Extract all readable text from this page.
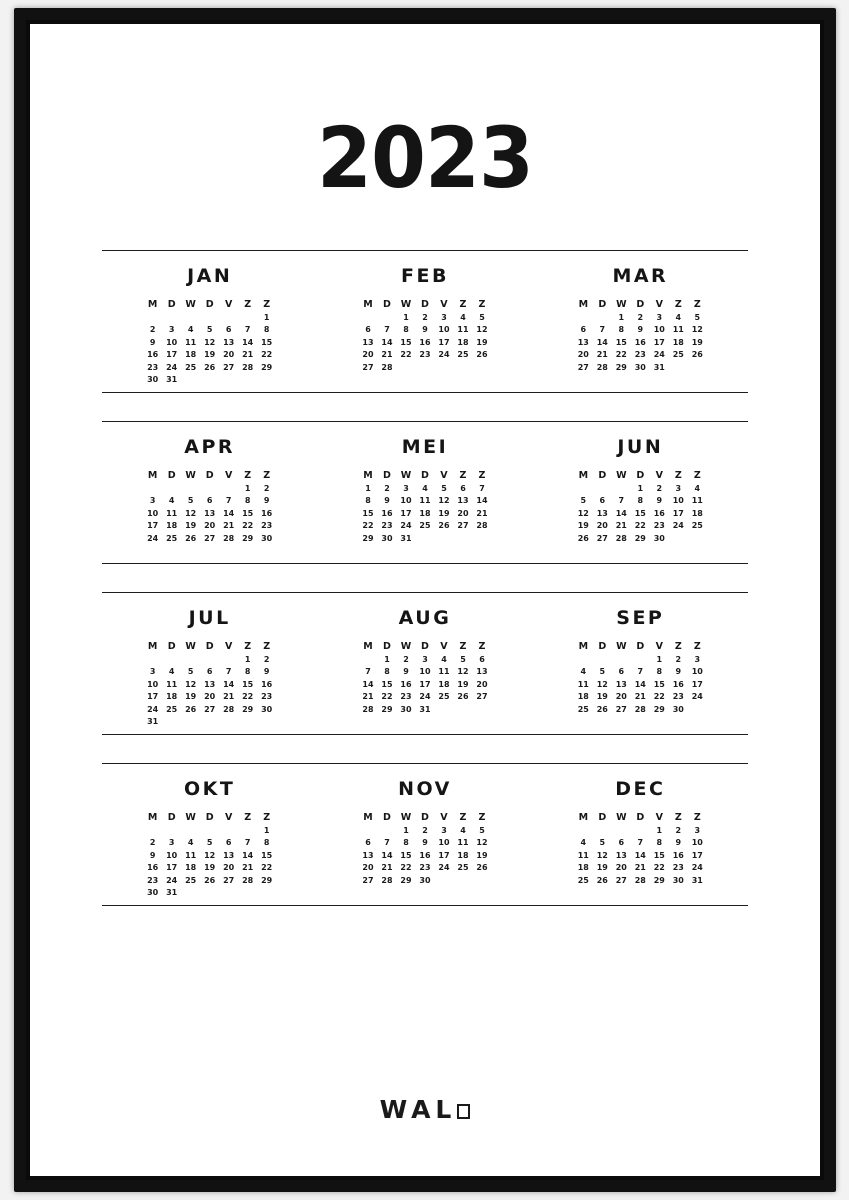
2023
JAN
M	D	W	D	V	Z	Z
						1
2	3	4	5	6	7	8
9	10	11	12	13	14	15
16	17	18	19	20	21	22
23	24	25	26	27	28	29
30	31					
FEB
M	D	W	D	V	Z	Z
		1	2	3	4	5
6	7	8	9	10	11	12
13	14	15	16	17	18	19
20	21	22	23	24	25	26
27	28					

MAR
M	D	W	D	V	Z	Z
		1	2	3	4	5
6	7	8	9	10	11	12
13	14	15	16	17	18	19
20	21	22	23	24	25	26
27	28	29	30	31		

APR
M	D	W	D	V	Z	Z
					1	2
3	4	5	6	7	8	9
10	11	12	13	14	15	16
17	18	19	20	21	22	23
24	25	26	27	28	29	30

MEI
M	D	W	D	V	Z	Z
1	2	3	4	5	6	7
8	9	10	11	12	13	14
15	16	17	18	19	20	21
22	23	24	25	26	27	28
29	30	31				

JUN
M	D	W	D	V	Z	Z
			1	2	3	4
5	6	7	8	9	10	11
12	13	14	15	16	17	18
19	20	21	22	23	24	25
26	27	28	29	30		

JUL
M	D	W	D	V	Z	Z
					1	2
3	4	5	6	7	8	9
10	11	12	13	14	15	16
17	18	19	20	21	22	23
24	25	26	27	28	29	30
31						
AUG
M	D	W	D	V	Z	Z
	1	2	3	4	5	6
7	8	9	10	11	12	13
14	15	16	17	18	19	20
21	22	23	24	25	26	27
28	29	30	31			

SEP
M	D	W	D	V	Z	Z
				1	2	3
4	5	6	7	8	9	10
11	12	13	14	15	16	17
18	19	20	21	22	23	24
25	26	27	28	29	30	

OKT
M	D	W	D	V	Z	Z
						1
2	3	4	5	6	7	8
9	10	11	12	13	14	15
16	17	18	19	20	21	22
23	24	25	26	27	28	29
30	31					
NOV
M	D	W	D	V	Z	Z
		1	2	3	4	5
6	7	8	9	10	11	12
13	14	15	16	17	18	19
20	21	22	23	24	25	26
27	28	29	30			

DEC
M	D	W	D	V	Z	Z
				1	2	3
4	5	6	7	8	9	10
11	12	13	14	15	16	17
18	19	20	21	22	23	24
25	26	27	28	29	30	31

WAL
